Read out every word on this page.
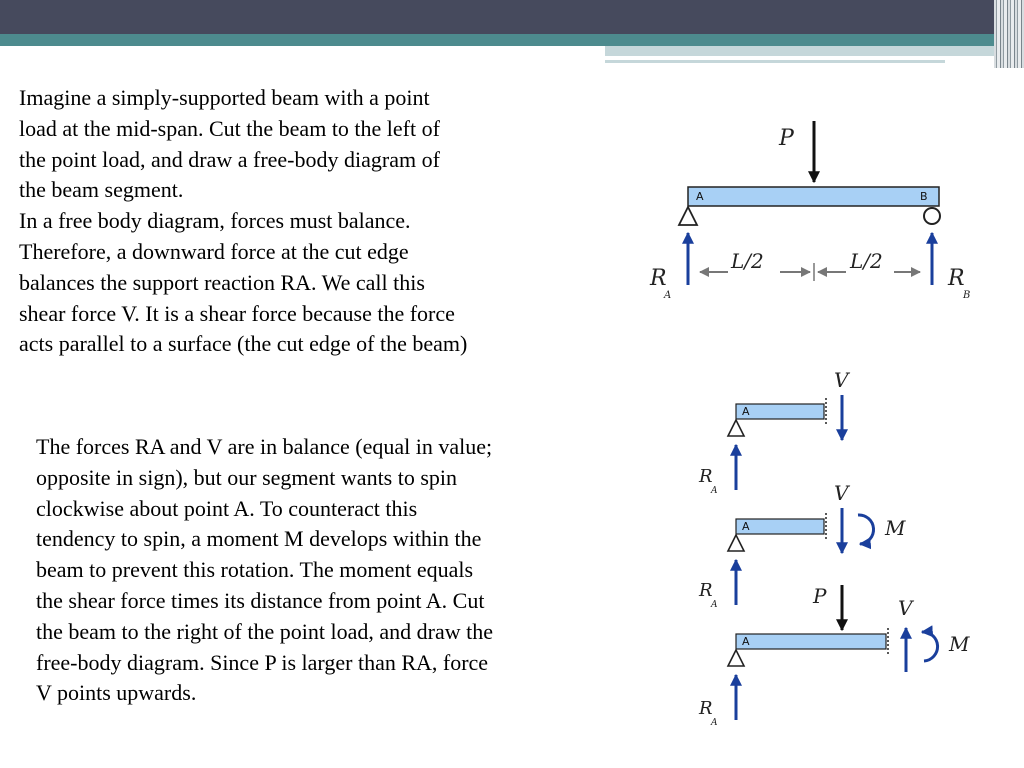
Imagine a simply-supported beam with a point
load at the mid-span. Cut the beam to the left of
the point load, and draw a free-body diagram of
the beam segment.
In a free body diagram, forces must balance.
Therefore, a downward force at the cut edge
balances the support reaction RA. We call this
shear force V. It is a shear force because the force
acts parallel to a surface (the cut edge of the beam)

The forces RA and V are in balance (equal in value;
opposite in sign), but our segment wants to spin
clockwise about point A. To counteract this
tendency to spin, a moment M develops within the
beam to prevent this rotation. The moment equals
the shear force times its distance from point A. Cut
the beam to the right of the point load, and draw the
free-body diagram. Since P is larger than RA, force
V points upwards.

P
A	B
R
A
R
B
L/2	L/2
V
A
R
A	V
M
A
R
A	P	V
M
A
R
A
